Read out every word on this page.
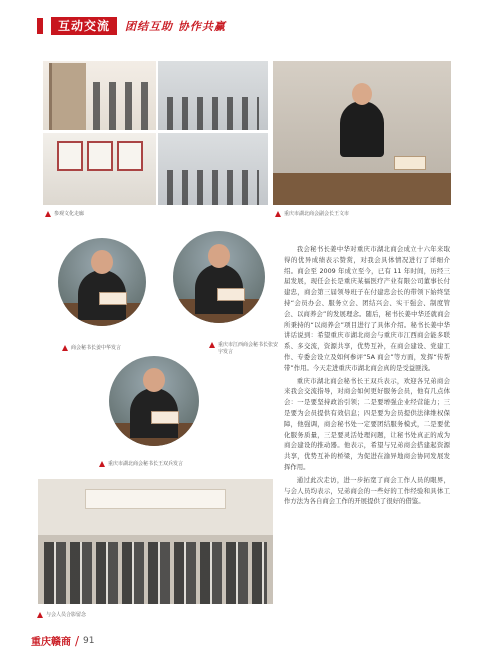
互动交流	团结互助 协作共赢
参观文化走廊	重庆市湖北商会副会长王文市
商会秘书长姜中华发言	重庆市江西商会秘书长张安宇发言
重庆市湖北商会秘书长王双兵发言
与会人员合影留念

我会秘书长姜中华对重庆市湖北商会成立十六年来取得的优异成绩表示赞赏，对我会具体情况进行了详细介绍。商会至 2009 年成立至今，已有 11 年时间，历经三届发展，现任会长是重庆某福医疗产业有限公司董事长付建忠，商会第三届领导班子在付建忠会长的带领下始终坚持“会员办会、服务立会、团结兴会、实干强会、制度管会、以商养会”的发展理念。随后，秘书长姜中华还就商会所秉持的“以商养会”项目进行了具体介绍。秘书长姜中华讲话说到：希望重庆市湖北商会与重庆市江西商会能多联系、多交流，资源共享，优势互补，在商会建设、党建工作、专委会设立及如何参评“5A 商会”等方面，发挥“传帮带”作用。今天走进重庆市湖北商会真的是受益匪浅。

重庆市湖北商会秘书长王双兵表示，欢迎各兄弟商会来我会交流指导，对商会如何更好服务会员，他有几点体会：一是要坚持政治引领；二是要增强企业经营能力；三是要为会员提供有效信息；四是要为会员提供法律维权保障，他强调，商会秘书处一定要团结服务模式，二是要优化服务质量，三是要灵活处理问题，让秘书处真正的成为商会建设的推动器。他表示，希望与兄弟商会搭建起资源共享，优势互补的桥梁，为促进在渝异地商会协同发展发挥作用。

通过此次走访，进一步拓宽了商会工作人员的眼界，与会人员均表示，兄弟商会的一些好的工作经验和具体工作方法为各自商会工作的开展提供了很好的借鉴。

重庆赣商 / 91
